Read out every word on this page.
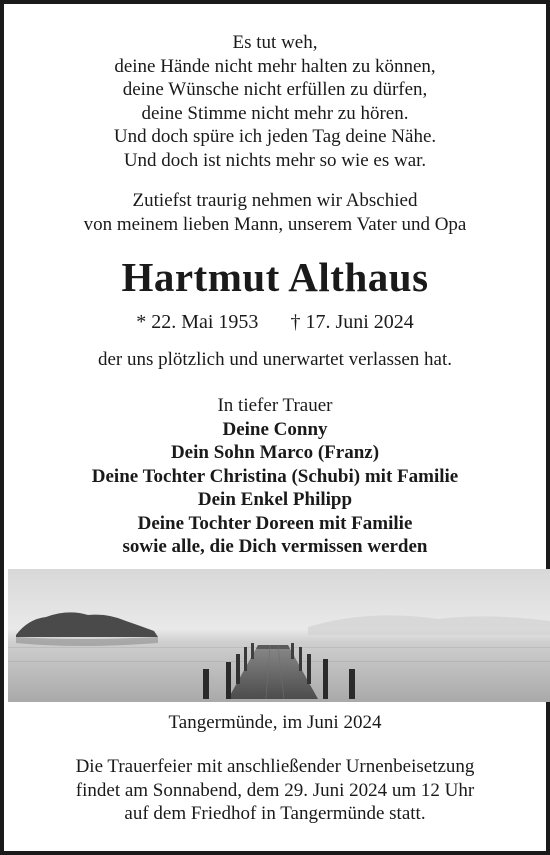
Es tut weh,
deine Hände nicht mehr halten zu können,
deine Wünsche nicht erfüllen zu dürfen,
deine Stimme nicht mehr zu hören.
Und doch spüre ich jeden Tag deine Nähe.
Und doch ist nichts mehr so wie es war.
Zutiefst traurig nehmen wir Abschied
von meinem lieben Mann, unserem Vater und Opa
Hartmut Althaus
* 22. Mai 1953 † 17. Juni 2024
der uns plötzlich und unerwartet verlassen hat.
In tiefer Trauer
Deine Conny
Dein Sohn Marco (Franz)
Deine Tochter Christina (Schubi) mit Familie
Dein Enkel Philipp
Deine Tochter Doreen mit Familie
sowie alle, die Dich vermissen werden
Tangermünde, im Juni 2024
Die Trauerfeier mit anschließender Urnenbeisetzung
findet am Sonnabend, dem 29. Juni 2024 um 12 Uhr
auf dem Friedhof in Tangermünde statt.
